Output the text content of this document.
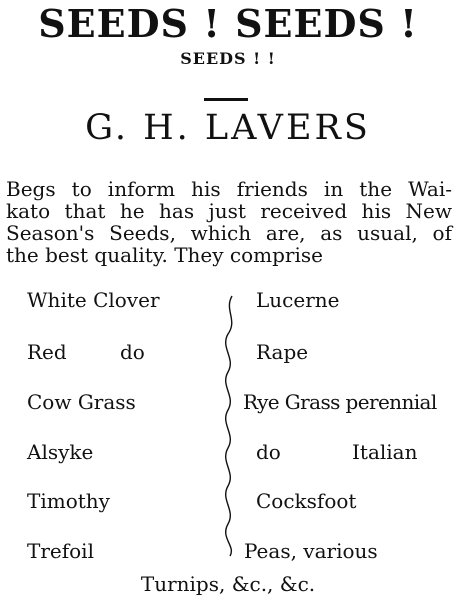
SEEDS ! SEEDS !
SEEDS ! !
G. H. LAVERS
Begs to inform his friends in the Wai-
kato that he has just received his New
Season's Seeds, which are, as usual, of
the best quality. They comprise
White Clover
Red	do
Cow Grass
Alsyke
Timothy
Trefoil
Lucerne
Rape
Rye Grass perennial
do	Italian
Cocksfoot
Peas, various
Turnips, &c., &c.
